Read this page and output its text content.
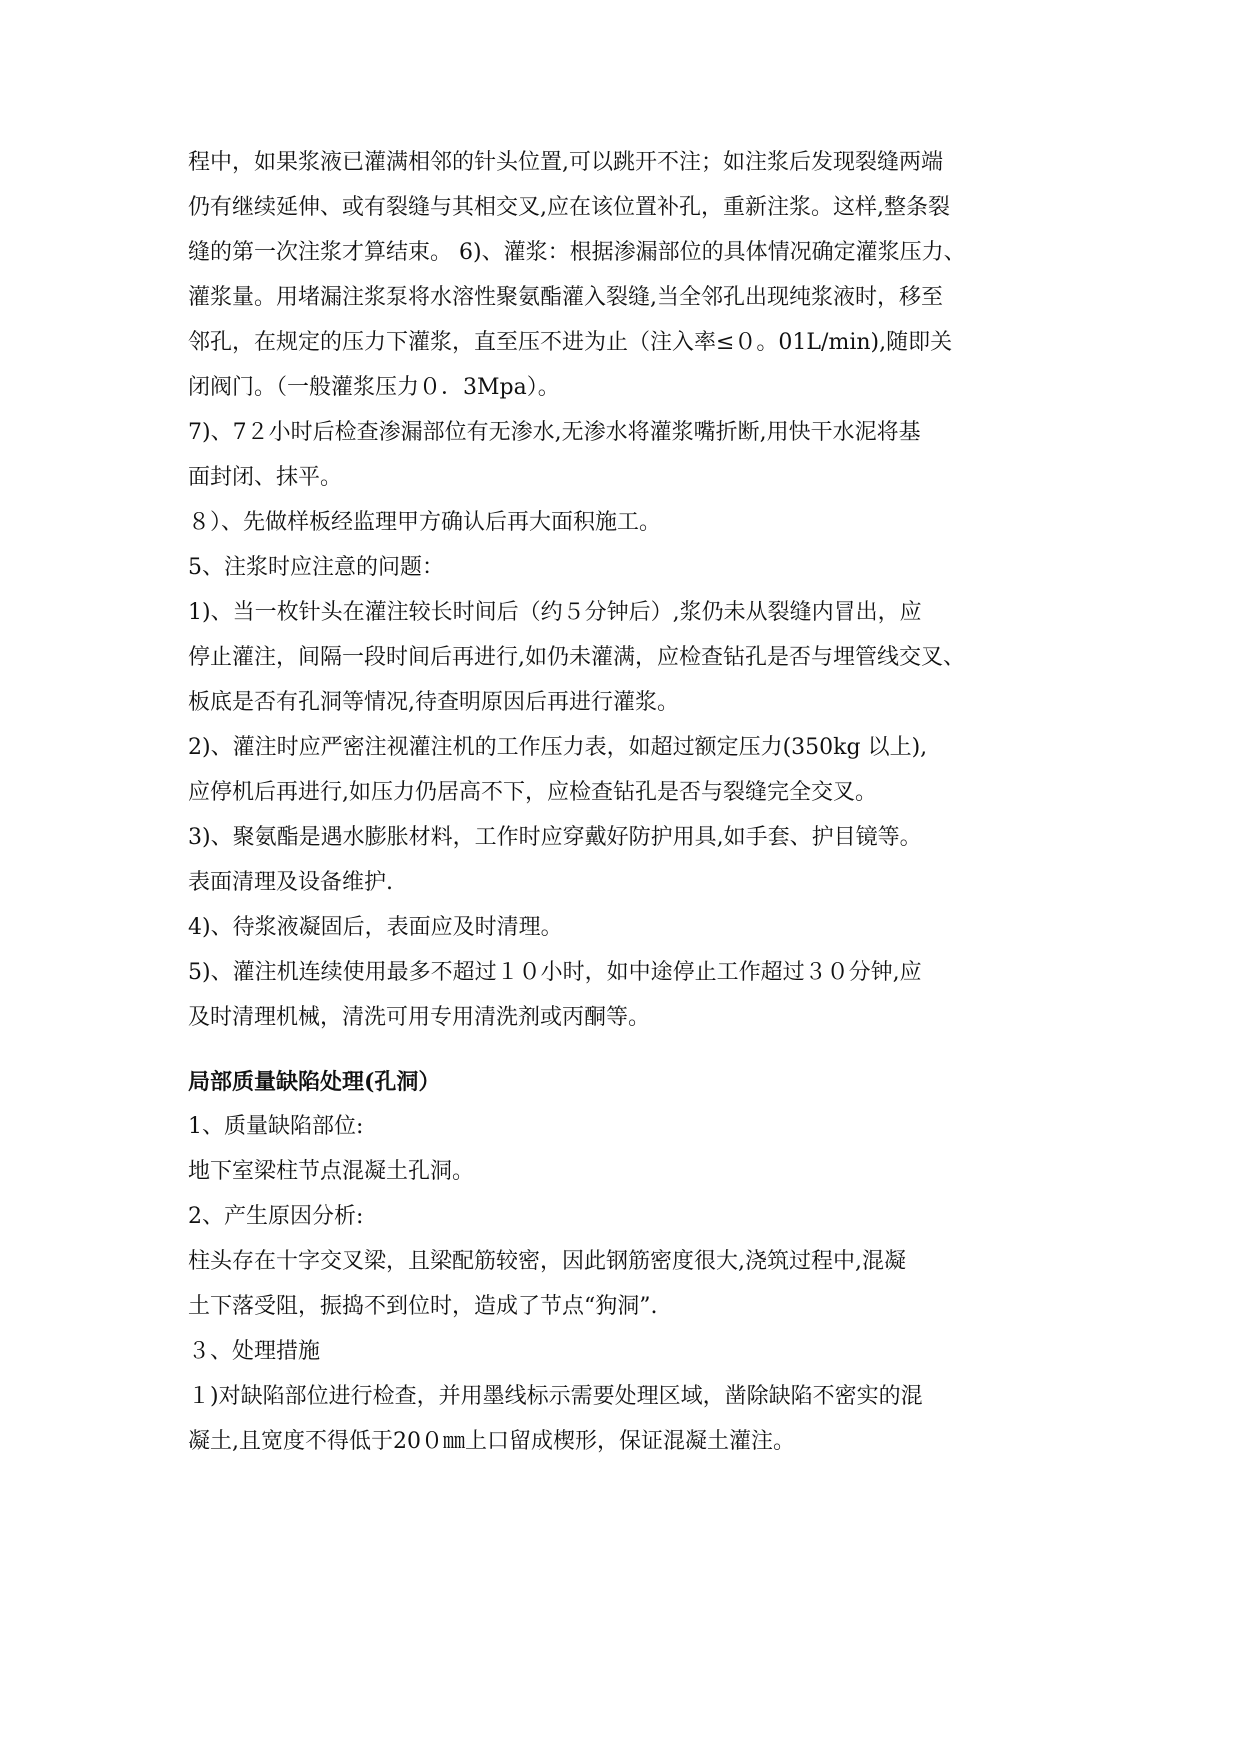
程中，如果浆液已灌满相邻的针头位置,可以跳开不注；如注浆后发现裂缝两端
仍有继续延伸、或有裂缝与其相交叉,应在该位置补孔，重新注浆。这样,整条裂
缝的第一次注浆才算结束。 6)、灌浆：根据渗漏部位的具体情况确定灌浆压力、
灌浆量。用堵漏注浆泵将水溶性聚氨酯灌入裂缝,当全邻孔出现纯浆液时，移至
邻孔，在规定的压力下灌浆，直至压不进为止（注入率≤０。01L/min),随即关
闭阀门。（一般灌浆压力０．3Mpa）。
7)、7２小时后检查渗漏部位有无渗水,无渗水将灌浆嘴折断,用快干水泥将基
面封闭、抹平。
８）、先做样板经监理甲方确认后再大面积施工。
5、注浆时应注意的问题：
1)、当一枚针头在灌注较长时间后（约５分钟后）,浆仍未从裂缝内冒出，应
停止灌注，间隔一段时间后再进行,如仍未灌满，应检查钻孔是否与埋管线交叉、
板底是否有孔洞等情况,待查明原因后再进行灌浆。
2)、灌注时应严密注视灌注机的工作压力表，如超过额定压力(350kg 以上),
应停机后再进行,如压力仍居高不下，应检查钻孔是否与裂缝完全交叉。
3)、聚氨酯是遇水膨胀材料，工作时应穿戴好防护用具,如手套、护目镜等。
表面清理及设备维护.
4)、待浆液凝固后，表面应及时清理。
5)、灌注机连续使用最多不超过１０小时，如中途停止工作超过３０分钟,应
及时清理机械，清洗可用专用清洗剂或丙酮等。
局部质量缺陷处理(孔洞）
1、质量缺陷部位:
地下室梁柱节点混凝土孔洞。
2、产生原因分析:
柱头存在十字交叉梁，且梁配筋较密，因此钢筋密度很大,浇筑过程中,混凝
土下落受阻，振捣不到位时，造成了节点“狗洞”.
３、处理措施
１)对缺陷部位进行检查，并用墨线标示需要处理区域，凿除缺陷不密实的混
凝土,且宽度不得低于20０㎜上口留成楔形，保证混凝土灌注。
